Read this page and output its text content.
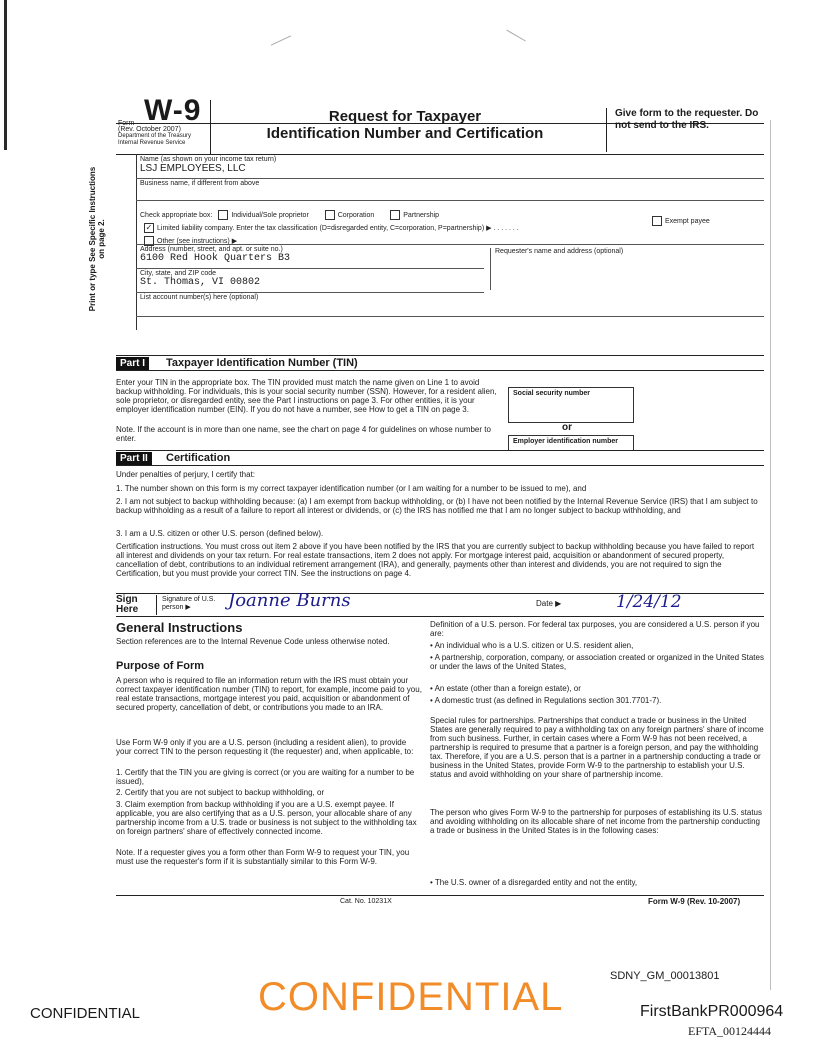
Form W-9
(Rev. October 2007)
Department of the Treasury
Internal Revenue Service
Request for Taxpayer
Identification Number and Certification
Give form to the requester. Do not send to the IRS.
Print or type See Specific Instructions on page 2.
Name (as shown on your income tax return)
LSJ EMPLOYEES, LLC
Business name, if different from above
Check appropriate box:	Individual/Sole proprietor	Corporation	Partnership
✓ Limited liability company. Enter the tax classification (D=disregarded entity, C=corporation, P=partnership) ▶ . . . . . . .
Other (see instructions) ▶
Exempt payee
Address (number, street, and apt. or suite no.)
6100 Red Hook Quarters B3
Requester's name and address (optional)
City, state, and ZIP code
St. Thomas, VI 00802
List account number(s) here (optional)
Part I	Taxpayer Identification Number (TIN)
Enter your TIN in the appropriate box. The TIN provided must match the name given on Line 1 to avoid backup withholding. For individuals, this is your social security number (SSN). However, for a resident alien, sole proprietor, or disregarded entity, see the Part I instructions on page 3. For other entities, it is your employer identification number (EIN). If you do not have a number, see How to get a TIN on page 3.
Note. If the account is in more than one name, see the chart on page 4 for guidelines on whose number to enter.
Social security number
or
Employer identification number
Part II	Certification
Under penalties of perjury, I certify that:
1. The number shown on this form is my correct taxpayer identification number (or I am waiting for a number to be issued to me), and
2. I am not subject to backup withholding because: (a) I am exempt from backup withholding, or (b) I have not been notified by the Internal Revenue Service (IRS) that I am subject to backup withholding as a result of a failure to report all interest or dividends, or (c) the IRS has notified me that I am no longer subject to backup withholding, and
3. I am a U.S. citizen or other U.S. person (defined below).
Certification instructions. You must cross out item 2 above if you have been notified by the IRS that you are currently subject to backup withholding because you have failed to report all interest and dividends on your tax return. For real estate transactions, item 2 does not apply. For mortgage interest paid, acquisition or abandonment of secured property, cancellation of debt, contributions to an individual retirement arrangement (IRA), and generally, payments other than interest and dividends, you are not required to sign the Certification, but you must provide your correct TIN. See the instructions on page 4.
Sign Here
Signature of U.S. person ▶	Joanne Burns	Date ▶	1/24/12
General Instructions
Section references are to the Internal Revenue Code unless otherwise noted.
Purpose of Form
A person who is required to file an information return with the IRS must obtain your correct taxpayer identification number (TIN) to report, for example, income paid to you, real estate transactions, mortgage interest you paid, acquisition or abandonment of secured property, cancellation of debt, or contributions you made to an IRA.
Use Form W-9 only if you are a U.S. person (including a resident alien), to provide your correct TIN to the person requesting it (the requester) and, when applicable, to:
1. Certify that the TIN you are giving is correct (or you are waiting for a number to be issued),
2. Certify that you are not subject to backup withholding, or
3. Claim exemption from backup withholding if you are a U.S. exempt payee. If applicable, you are also certifying that as a U.S. person, your allocable share of any partnership income from a U.S. trade or business is not subject to the withholding tax on foreign partners' share of effectively connected income.
Note. If a requester gives you a form other than Form W-9 to request your TIN, you must use the requester's form if it is substantially similar to this Form W-9.
Definition of a U.S. person. For federal tax purposes, you are considered a U.S. person if you are:
• An individual who is a U.S. citizen or U.S. resident alien,
• A partnership, corporation, company, or association created or organized in the United States or under the laws of the United States,
• An estate (other than a foreign estate), or
• A domestic trust (as defined in Regulations section 301.7701-7).
Special rules for partnerships. Partnerships that conduct a trade or business in the United States are generally required to pay a withholding tax on any foreign partners' share of income from such business. Further, in certain cases where a Form W-9 has not been received, a partnership is required to presume that a partner is a foreign person, and pay the withholding tax. Therefore, if you are a U.S. person that is a partner in a partnership conducting a trade or business in the United States, provide Form W-9 to the partnership to establish your U.S. status and avoid withholding on your share of partnership income.
The person who gives Form W-9 to the partnership for purposes of establishing its U.S. status and avoiding withholding on its allocable share of net income from the partnership conducting a trade or business in the United States is in the following cases:
• The U.S. owner of a disregarded entity and not the entity,
Cat. No. 10231X	Form W-9 (Rev. 10-2007)
SDNY_GM_00013801
CONFIDENTIAL
CONFIDENTIAL	FirstBankPR000964
EFTA_00124444
